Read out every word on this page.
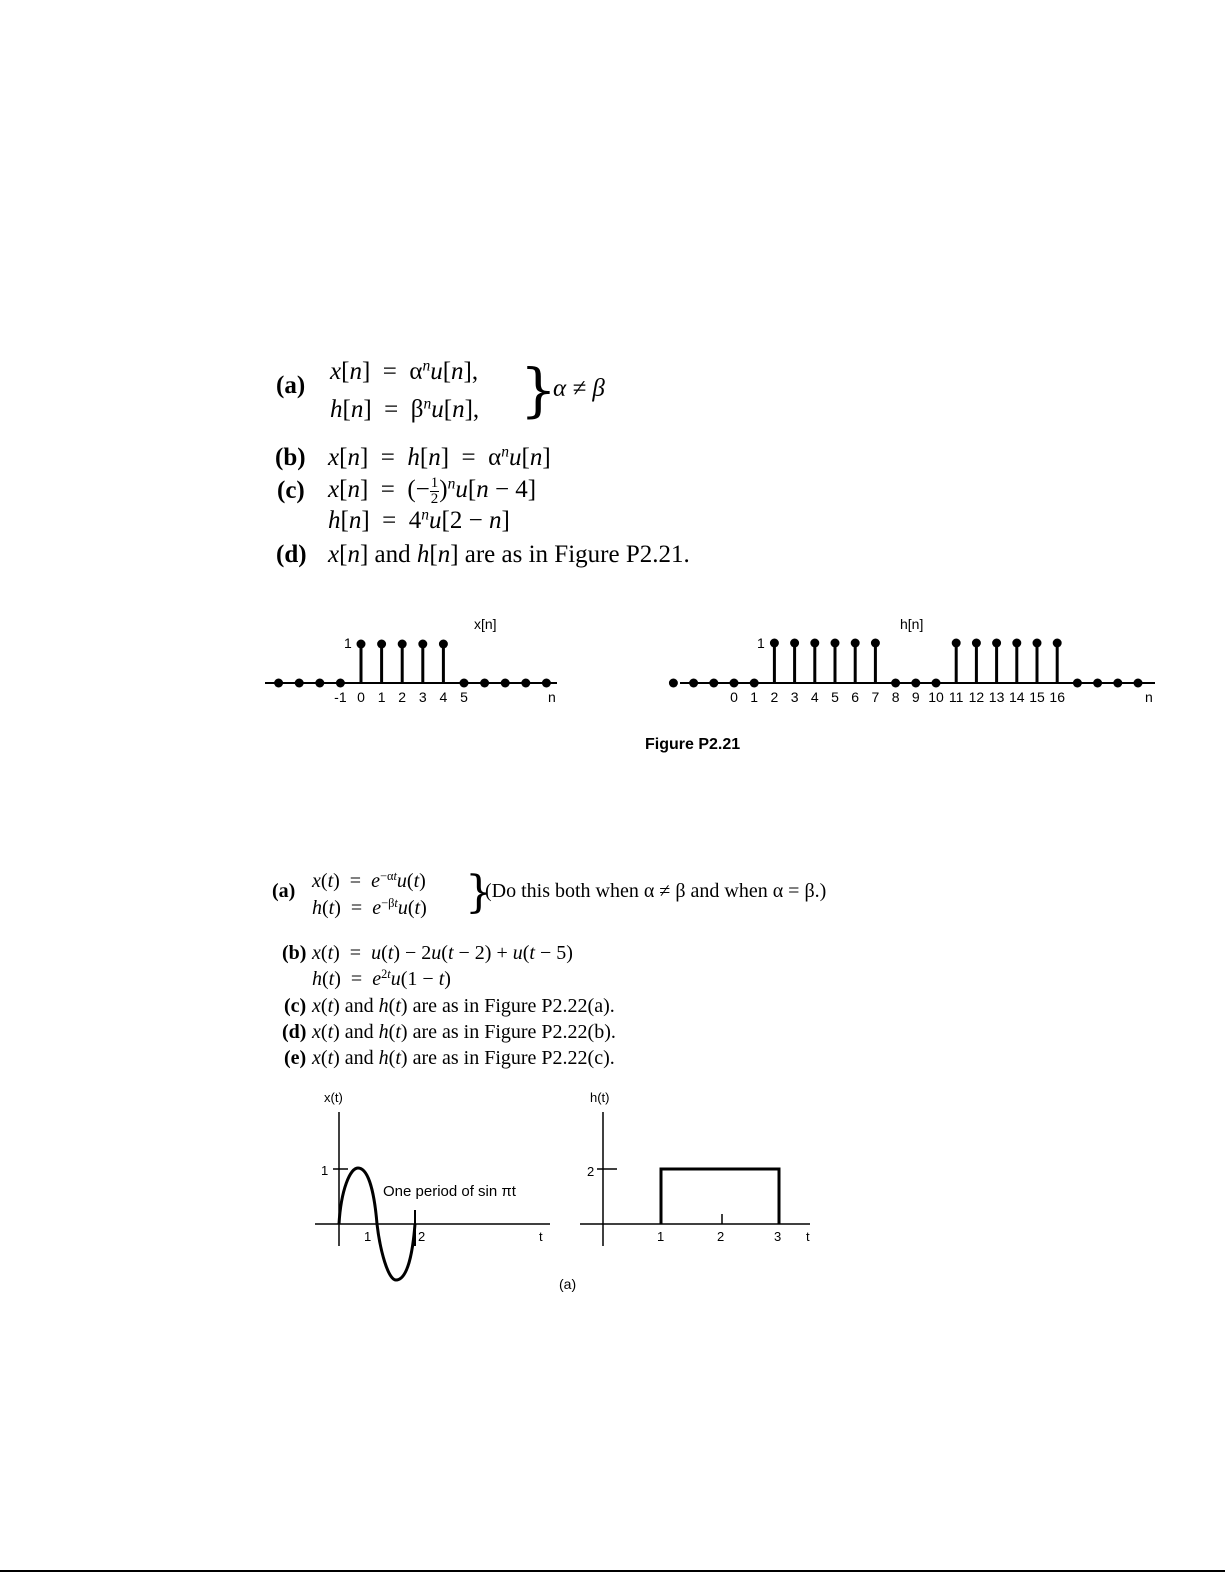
(a)
$x[n] = \alpha^nu[n]$,
$h[n] = \beta^nu[n]$, }
α ≠ β
(b) $x[n] = h[n] = \alpha^nu[n]$
(c) x[n]  =  (− $\frac{1}{2} )^nu[n - 4]$
$h[n] = 4^nu[2 - n]$
(d) x[n] and h[n] are as in Figure P2.21.
x[n]
1
n
-1 0 1 2 3 4 5
h[n]
1
n
0 1 2 3 4 5 6 7 8 9 10 11 12 13 14 15 16
Figure P2.21
(a) $x(t) = e^{-\alpha t}u(t)$
$h(t) = e^{-\beta t}u(t)$ }
(Do this both when α ≠ β and when α = β.)
(b) x(t)  =  u(t) − 2u(t − 2) + u(t − 5)
$h(t) = e^{2t}u(1 - t)$
(c) x(t) and h(t) are as in Figure P2.22(a).
(d) x(t) and h(t) are as in Figure P2.22(b).
(e) x(t) and h(t) are as in Figure P2.22(c).
x(t)
1
One period of sin πt
1	2	t
h(t)
2
1	2	3 t
(a)
